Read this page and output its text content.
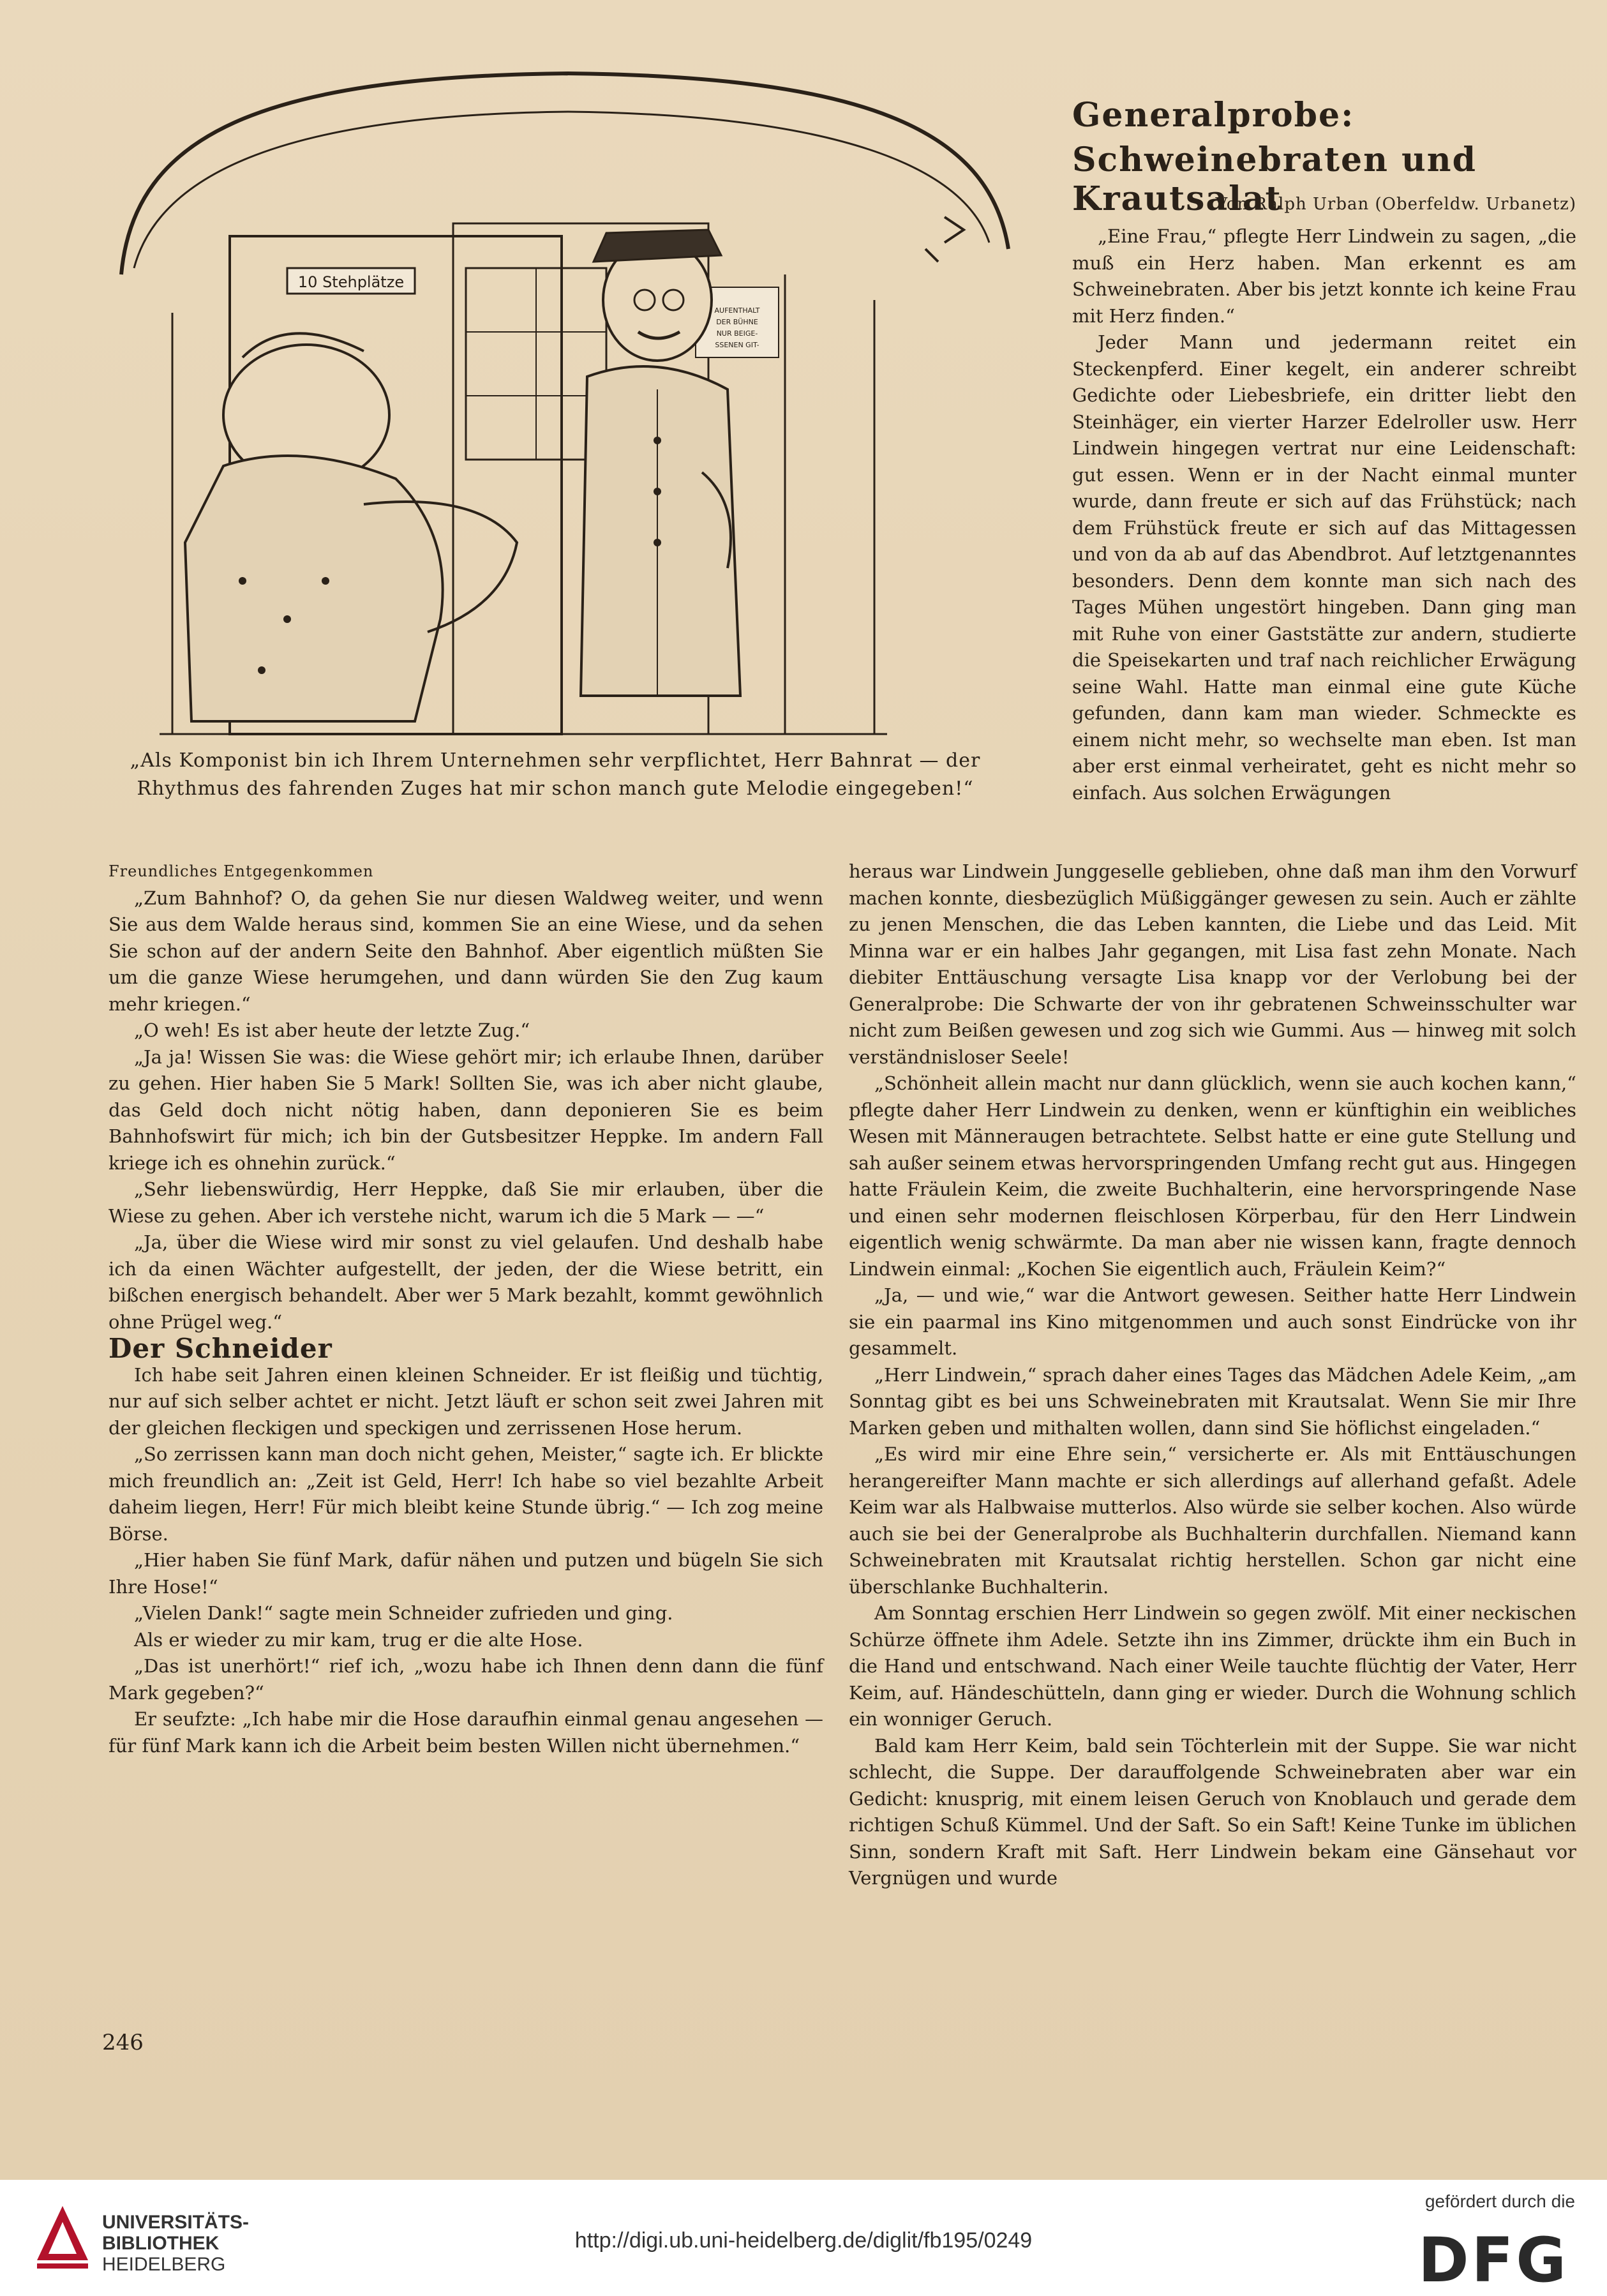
10 Stehplätze
AUFENTHALT
DER BÜHNE
NUR BEIGE-
SSENEN GIT-
„Als Komponist bin ich Ihrem Unternehmen sehr verpflichtet, Herr Bahnrat — der Rhythmus des fahrenden Zuges hat mir schon manch gute Melodie eingegeben!“
Generalprobe:
Schweinebraten und Krautsalat
Von Ralph Urban (Oberfeldw. Urbanetz)

„Eine Frau,“ pflegte Herr Lindwein zu sagen, „die muß ein Herz haben. Man erkennt es am Schweinebraten. Aber bis jetzt konnte ich keine Frau mit Herz finden.“

Jeder Mann und jedermann reitet ein Steckenpferd. Einer kegelt, ein anderer schreibt Gedichte oder Liebesbriefe, ein dritter liebt den Steinhäger, ein vierter Harzer Edelroller usw. Herr Lindwein hingegen vertrat nur eine Leidenschaft: gut essen. Wenn er in der Nacht einmal munter wurde, dann freute er sich auf das Frühstück; nach dem Frühstück freute er sich auf das Mittagessen und von da ab auf das Abendbrot. Auf letztgenanntes besonders. Denn dem konnte man sich nach des Tages Mühen ungestört hingeben. Dann ging man mit Ruhe von einer Gaststätte zur andern, studierte die Speisekarten und traf nach reichlicher Erwägung seine Wahl. Hatte man einmal eine gute Küche gefunden, dann kam man wieder. Schmeckte es einem nicht mehr, so wechselte man eben. Ist man aber erst einmal verheiratet, geht es nicht mehr so einfach. Aus solchen Erwägungen

heraus war Lindwein Junggeselle geblieben, ohne daß man ihm den Vorwurf machen konnte, diesbezüglich Müßiggänger gewesen zu sein. Auch er zählte zu jenen Menschen, die das Leben kannten, die Liebe und das Leid. Mit Minna war er ein halbes Jahr gegangen, mit Lisa fast zehn Monate. Nach diebiter Enttäuschung versagte Lisa knapp vor der Verlobung bei der Generalprobe: Die Schwarte der von ihr gebratenen Schweinsschulter war nicht zum Beißen gewesen und zog sich wie Gummi. Aus — hinweg mit solch verständnisloser Seele!

„Schönheit allein macht nur dann glücklich, wenn sie auch kochen kann,“ pflegte daher Herr Lindwein zu denken, wenn er künftighin ein weibliches Wesen mit Männeraugen betrachtete. Selbst hatte er eine gute Stellung und sah außer seinem etwas hervorspringenden Umfang recht gut aus. Hingegen hatte Fräulein Keim, die zweite Buchhalterin, eine hervorspringende Nase und einen sehr modernen fleischlosen Körperbau, für den Herr Lindwein eigentlich wenig schwärmte. Da man aber nie wissen kann, fragte dennoch Lindwein einmal: „Kochen Sie eigentlich auch, Fräulein Keim?“

„Ja, — und wie,“ war die Antwort gewesen. Seither hatte Herr Lindwein sie ein paarmal ins Kino mitgenommen und auch sonst Eindrücke von ihr gesammelt.

„Herr Lindwein,“ sprach daher eines Tages das Mädchen Adele Keim, „am Sonntag gibt es bei uns Schweinebraten mit Krautsalat. Wenn Sie mir Ihre Marken geben und mithalten wollen, dann sind Sie höflichst eingeladen.“

„Es wird mir eine Ehre sein,“ versicherte er. Als mit Enttäuschungen herangereifter Mann machte er sich allerdings auf allerhand gefaßt. Adele Keim war als Halbwaise mutterlos. Also würde sie selber kochen. Also würde auch sie bei der Generalprobe als Buchhalterin durchfallen. Niemand kann Schweinebraten mit Krautsalat richtig herstellen. Schon gar nicht eine überschlanke Buchhalterin.

Am Sonntag erschien Herr Lindwein so gegen zwölf. Mit einer neckischen Schürze öffnete ihm Adele. Setzte ihn ins Zimmer, drückte ihm ein Buch in die Hand und entschwand. Nach einer Weile tauchte flüchtig der Vater, Herr Keim, auf. Händeschütteln, dann ging er wieder. Durch die Wohnung schlich ein wonniger Geruch.

Bald kam Herr Keim, bald sein Töchterlein mit der Suppe. Sie war nicht schlecht, die Suppe. Der darauffolgende Schweinebraten aber war ein Gedicht: knusprig, mit einem leisen Geruch von Knoblauch und gerade dem richtigen Schuß Kümmel. Und der Saft. So ein Saft! Keine Tunke im üblichen Sinn, sondern Kraft mit Saft. Herr Lindwein bekam eine Gänsehaut vor Vergnügen und wurde

Freundliches Entgegenkommen

„Zum Bahnhof? O, da gehen Sie nur diesen Waldweg weiter, und wenn Sie aus dem Walde heraus sind, kommen Sie an eine Wiese, und da sehen Sie schon auf der andern Seite den Bahnhof. Aber eigentlich müßten Sie um die ganze Wiese herumgehen, und dann würden Sie den Zug kaum mehr kriegen.“

„O weh! Es ist aber heute der letzte Zug.“

„Ja ja! Wissen Sie was: die Wiese gehört mir; ich erlaube Ihnen, darüber zu gehen. Hier haben Sie 5 Mark! Sollten Sie, was ich aber nicht glaube, das Geld doch nicht nötig haben, dann deponieren Sie es beim Bahnhofswirt für mich; ich bin der Gutsbesitzer Heppke. Im andern Fall kriege ich es ohnehin zurück.“

„Sehr liebenswürdig, Herr Heppke, daß Sie mir erlauben, über die Wiese zu gehen. Aber ich verstehe nicht, warum ich die 5 Mark — —“

„Ja, über die Wiese wird mir sonst zu viel gelaufen. Und deshalb habe ich da einen Wächter aufgestellt, der jeden, der die Wiese betritt, ein bißchen energisch behandelt. Aber wer 5 Mark bezahlt, kommt gewöhnlich ohne Prügel weg.“

Der Schneider

Ich habe seit Jahren einen kleinen Schneider. Er ist fleißig und tüchtig, nur auf sich selber achtet er nicht. Jetzt läuft er schon seit zwei Jahren mit der gleichen fleckigen und speckigen und zerrissenen Hose herum.

„So zerrissen kann man doch nicht gehen, Meister,“ sagte ich. Er blickte mich freundlich an: „Zeit ist Geld, Herr! Ich habe so viel bezahlte Arbeit daheim liegen, Herr! Für mich bleibt keine Stunde übrig.“ — Ich zog meine Börse.

„Hier haben Sie fünf Mark, dafür nähen und putzen und bügeln Sie sich Ihre Hose!“

„Vielen Dank!“ sagte mein Schneider zufrieden und ging.

Als er wieder zu mir kam, trug er die alte Hose.

„Das ist unerhört!“ rief ich, „wozu habe ich Ihnen denn dann die fünf Mark gegeben?“

Er seufzte: „Ich habe mir die Hose daraufhin einmal genau angesehen — für fünf Mark kann ich die Arbeit beim besten Willen nicht übernehmen.“

246
UNIVERSITÄTS-
BIBLIOTHEK
HEIDELBERG
http://digi.ub.uni-heidelberg.de/diglit/fb195/0249
gefördert durch die
DFG
